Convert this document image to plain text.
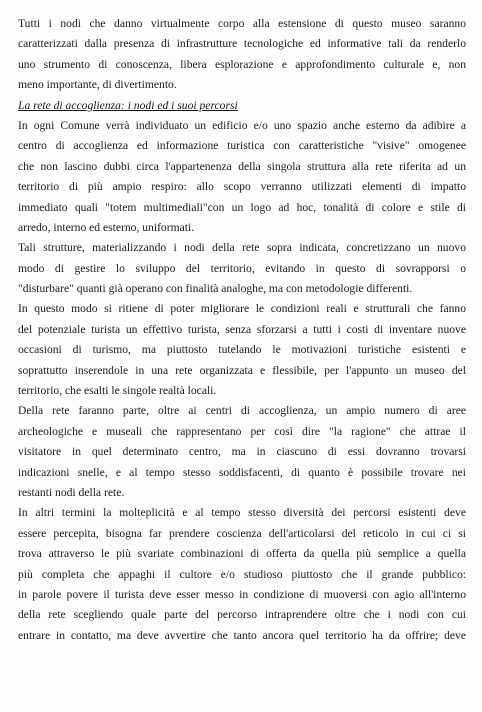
Tutti i nodi che danno virtualmente corpo alla estensione di questo museo saranno
caratterizzati dalla presenza di infrastrutture tecnologiche ed informative tali da renderlo
uno strumento di conoscenza, libera esplorazione e approfondimento culturale e, non
meno importante, di divertimento.
La rete di accoglienza: i nodi ed i suoi percorsi
In ogni Comune verrà individuato un edificio e/o uno spazio anche esterno da adibire a
centro di accoglienza ed informazione turistica con caratteristiche "visive" omogenee
che non lascino dubbi circa l'appartenenza della singola struttura alla rete riferita ad un
territorio di più ampio respiro: allo scopo verranno utilizzati elementi di impatto
immediato quali "totem multimediali"con un logo ad hoc, tonalità di colore e stile di
arredo, interno ed esterno, uniformati.
Tali strutture, materializzando i nodi della rete sopra indicata, concretizzano un nuovo
modo di gestire lo sviluppo del territorio, evitando in questo di sovrapporsi o
"disturbare" quanti già operano con finalità analoghe, ma con metodologie differenti.
In questo modo si ritiene di poter migliorare le condizioni reali e strutturali che fanno
del potenziale turista un effettivo turista, senza sforzarsi a tutti i costi di inventare nuove
occasioni di turismo, ma piuttosto tutelando le motivazioni turistiche esistenti e
soprattutto inserendole in una rete organizzata e flessibile, per l'appunto un museo del
territorio, che esalti le singole realtà locali.
Della rete faranno parte, oltre ai centri di accoglienza, un ampio numero di aree
archeologiche e museali che rappresentano per così dire "la ragione" che attrae il
visitatore in quel determinato centro, ma in ciascuno di essi dovranno trovarsi
indicazioni snelle, e al tempo stesso soddisfacenti, di quanto è possibile trovare nei
restanti nodi della rete.
In altri termini la molteplicità e al tempo stesso diversità dei percorsi esistenti deve
essere percepita, bisogna far prendere coscienza dell'articolarsi del reticolo in cui ci si
trova attraverso le più svariate combinazioni di offerta da quella più semplice a quella
più completa che appaghi il cultore e/o studioso piuttosto che il grande pubblico:
in parole povere il turista deve esser messo in condizione di muoversi con agio all'interno
della rete scegliendo quale parte del percorso intraprendere oltre che i nodi con cui
entrare in contatto, ma deve avvertire che tanto ancora quel territorio ha da offrire; deve
